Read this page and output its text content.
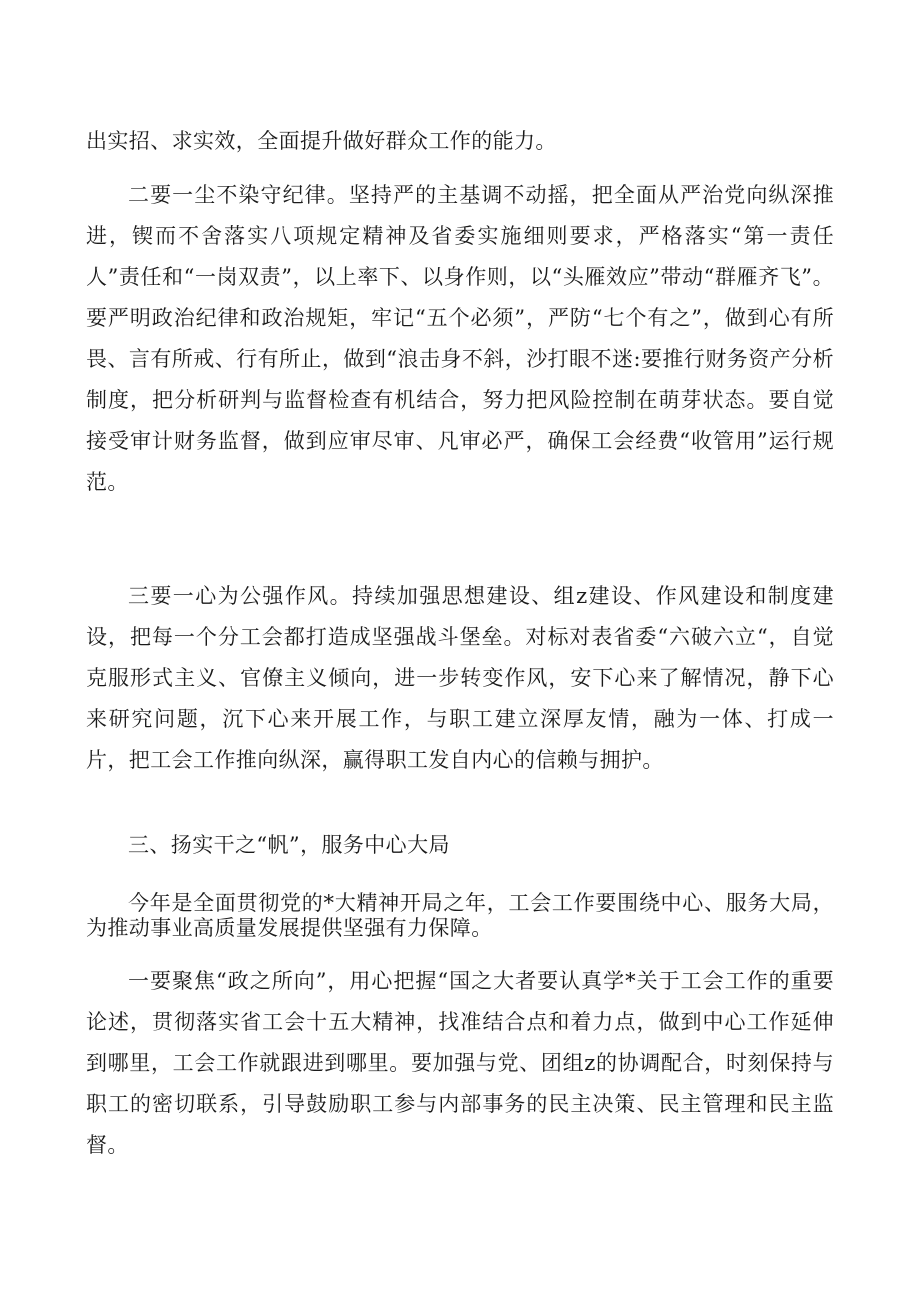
出实招、求实效，全面提升做好群众工作的能力。

二要一尘不染守纪律。坚持严的主基调不动摇，把全面从严治党向纵深推进，锲而不舍落实八项规定精神及省委实施细则要求，严格落实“第一责任人”责任和“一岗双责”，以上率下、以身作则，以“头雁效应”带动“群雁齐飞”。要严明政治纪律和政治规矩，牢记“五个必须”，严防“七个有之”，做到心有所畏、言有所戒、行有所止，做到“浪击身不斜，沙打眼不迷:要推行财务资产分析制度，把分析研判与监督检查有机结合，努力把风险控制在萌芽状态。要自觉接受审计财务监督，做到应审尽审、凡审必严，确保工会经费“收管用”运行规范。

三要一心为公强作风。持续加强思想建设、组z建设、作风建设和制度建设，把每一个分工会都打造成坚强战斗堡垒。对标对表省委“六破六立“，自觉克服形式主义、官僚主义倾向，进一步转变作风，安下心来了解情况，静下心来研究问题，沉下心来开展工作，与职工建立深厚友情，融为一体、打成一片，把工会工作推向纵深，赢得职工发自内心的信赖与拥护。

三、扬实干之“帆”，服务中心大局

今年是全面贯彻党的*大精神开局之年，工会工作要围绕中心、服务大局，为推动事业高质量发展提供坚强有力保障。

一要聚焦“政之所向”，用心把握“国之大者要认真学*关于工会工作的重要论述，贯彻落实省工会十五大精神，找准结合点和着力点，做到中心工作延伸到哪里，工会工作就跟进到哪里。要加强与党、团组z的协调配合，时刻保持与职工的密切联系，引导鼓励职工参与内部事务的民主决策、民主管理和民主监督。
